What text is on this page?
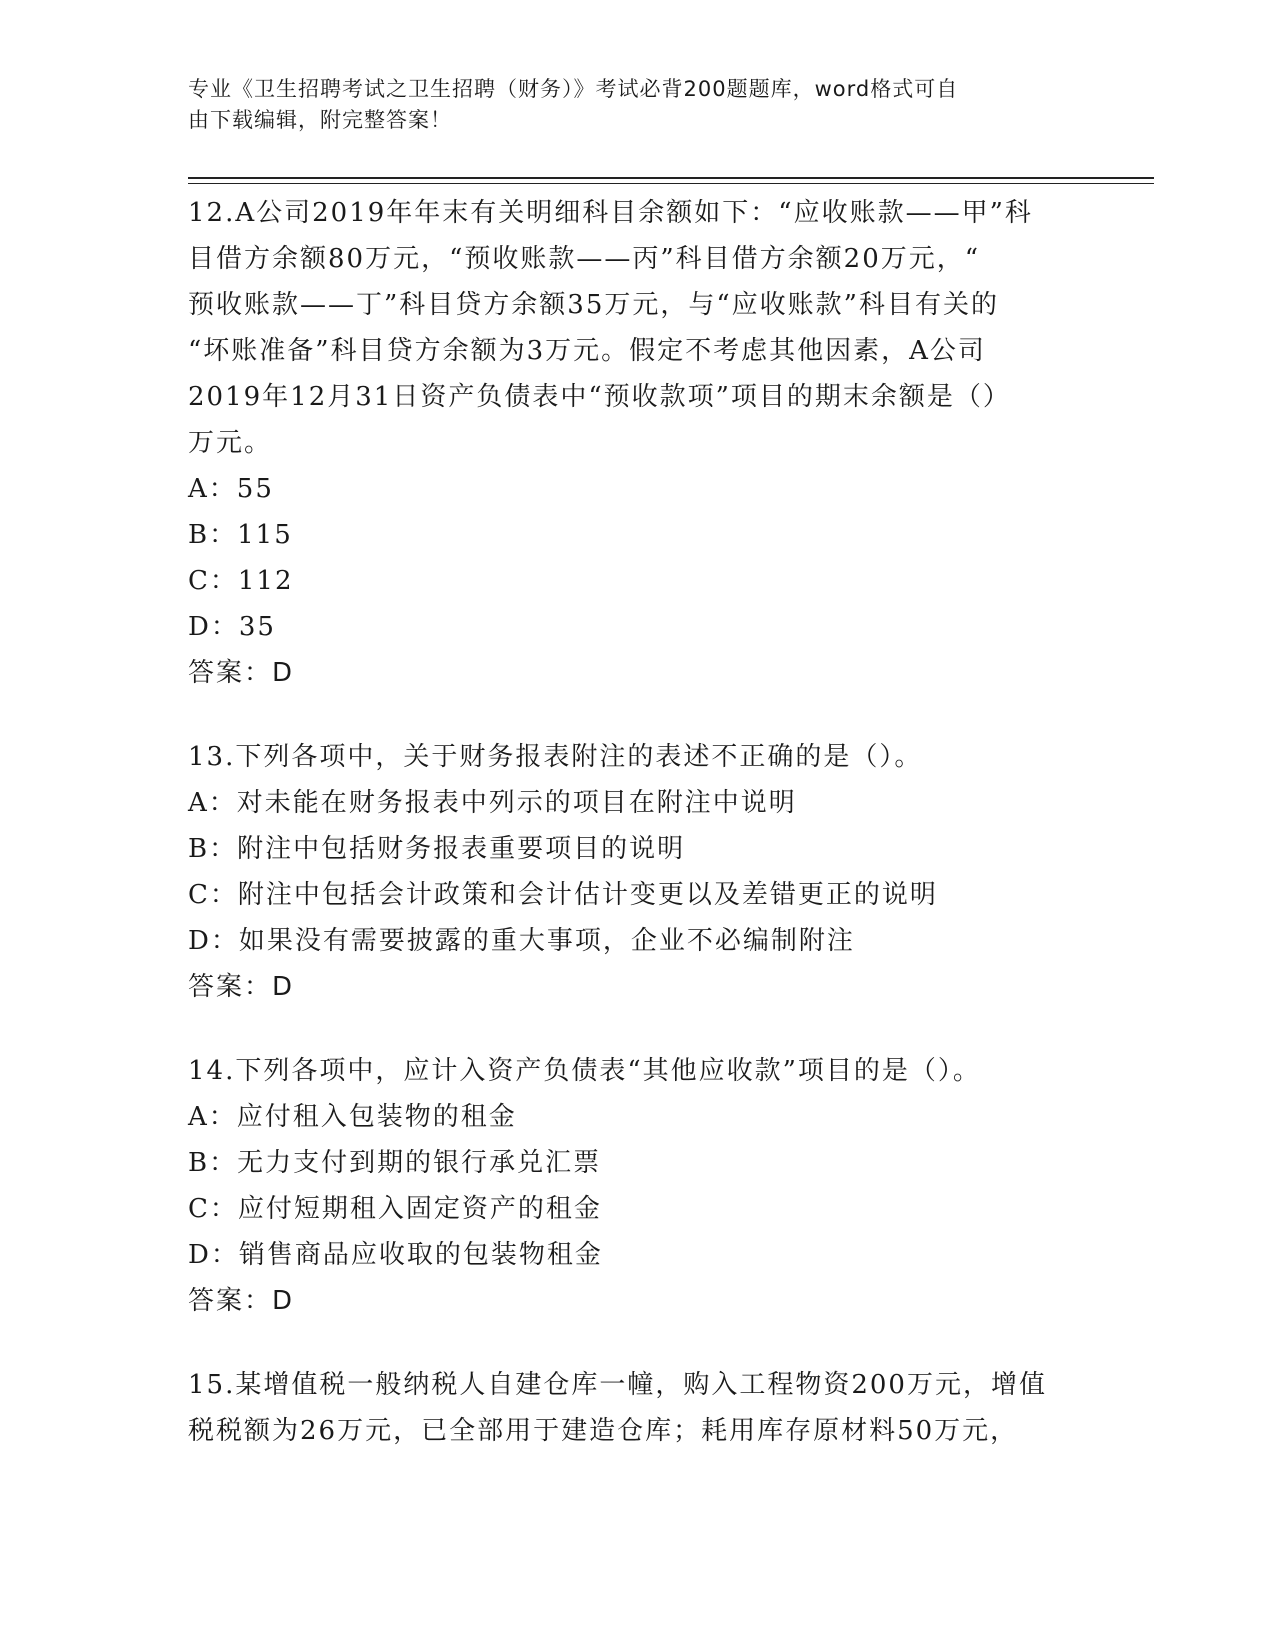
专业《卫生招聘考试之卫生招聘（财务）》考试必背200题题库，word格式可自
由下载编辑，附完整答案！
12.A公司2019年年末有关明细科目余额如下：“应收账款——甲”科
目借方余额80万元，“预收账款——丙”科目借方余额20万元，“
预收账款——丁”科目贷方余额35万元，与“应收账款”科目有关的
“坏账准备”科目贷方余额为3万元。假定不考虑其他因素，A公司
2019年12月31日资产负债表中“预收款项”项目的期末余额是（）
万元。
A：55
B：115
C：112
D：35
答案：D
13.下列各项中，关于财务报表附注的表述不正确的是（）。
A：对未能在财务报表中列示的项目在附注中说明
B：附注中包括财务报表重要项目的说明
C：附注中包括会计政策和会计估计变更以及差错更正的说明
D：如果没有需要披露的重大事项，企业不必编制附注
答案：D
14.下列各项中，应计入资产负债表“其他应收款”项目的是（）。
A：应付租入包装物的租金
B：无力支付到期的银行承兑汇票
C：应付短期租入固定资产的租金
D：销售商品应收取的包装物租金
答案：D
15.某增值税一般纳税人自建仓库一幢，购入工程物资200万元，增值
税税额为26万元，已全部用于建造仓库；耗用库存原材料50万元，
